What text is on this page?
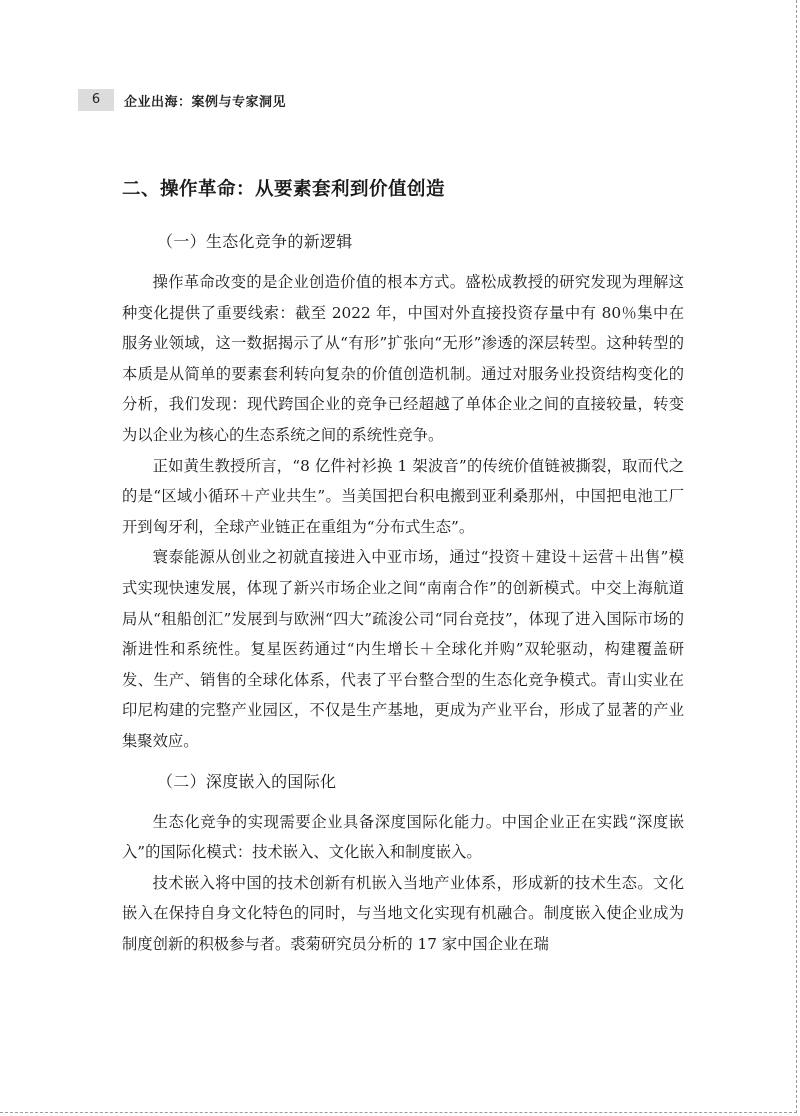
6	企业出海：案例与专家洞见
二、操作革命：从要素套利到价值创造
（一）生态化竞争的新逻辑

操作革命改变的是企业创造价值的根本方式。盛松成教授的研究发现为理解这种变化提供了重要线索：截至 2022 年，中国对外直接投资存量中有 80％集中在服务业领域，这一数据揭示了从“有形”扩张向“无形”渗透的深层转型。这种转型的本质是从简单的要素套利转向复杂的价值创造机制。通过对服务业投资结构变化的分析，我们发现：现代跨国企业的竞争已经超越了单体企业之间的直接较量，转变为以企业为核心的生态系统之间的系统性竞争。

正如黄生教授所言，“8 亿件衬衫换 1 架波音”的传统价值链被撕裂，取而代之的是“区域小循环＋产业共生”。当美国把台积电搬到亚利桑那州，中国把电池工厂开到匈牙利，全球产业链正在重组为“分布式生态”。

寰泰能源从创业之初就直接进入中亚市场，通过“投资＋建设＋运营＋出售”模式实现快速发展，体现了新兴市场企业之间“南南合作”的创新模式。中交上海航道局从“租船创汇”发展到与欧洲“四大”疏浚公司“同台竞技”，体现了进入国际市场的渐进性和系统性。复星医药通过“内生增长＋全球化并购”双轮驱动，构建覆盖研发、生产、销售的全球化体系，代表了平台整合型的生态化竞争模式。青山实业在印尼构建的完整产业园区，不仅是生产基地，更成为产业平台，形成了显著的产业集聚效应。

（二）深度嵌入的国际化

生态化竞争的实现需要企业具备深度国际化能力。中国企业正在实践“深度嵌入”的国际化模式：技术嵌入、文化嵌入和制度嵌入。

技术嵌入将中国的技术创新有机嵌入当地产业体系，形成新的技术生态。文化嵌入在保持自身文化特色的同时，与当地文化实现有机融合。制度嵌入使企业成为制度创新的积极参与者。裘菊研究员分析的 17 家中国企业在瑞
